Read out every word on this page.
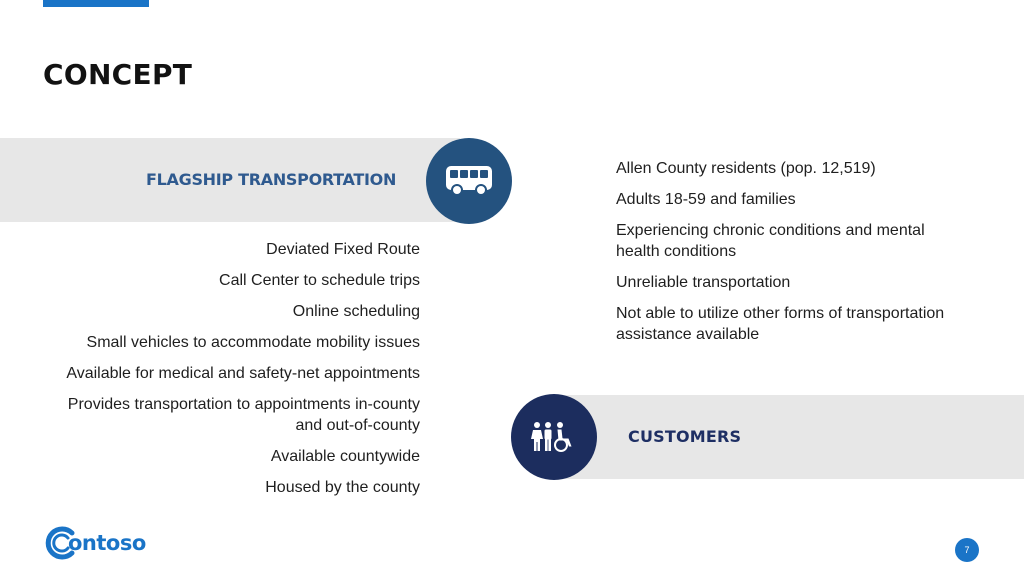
CONCEPT
FLAGSHIP TRANSPORTATION
Deviated Fixed Route
Call Center to schedule trips
Online scheduling
Small vehicles to accommodate mobility issues
Available for medical and safety-net appointments
Provides transportation to appointments in-county and out-of-county
Available countywide
Housed by the county
Allen County residents (pop. 12,519)
Adults 18-59 and families
Experiencing chronic conditions and mental health conditions
Unreliable transportation
Not able to utilize other forms of transportation assistance available
CUSTOMERS
ontoso	7
